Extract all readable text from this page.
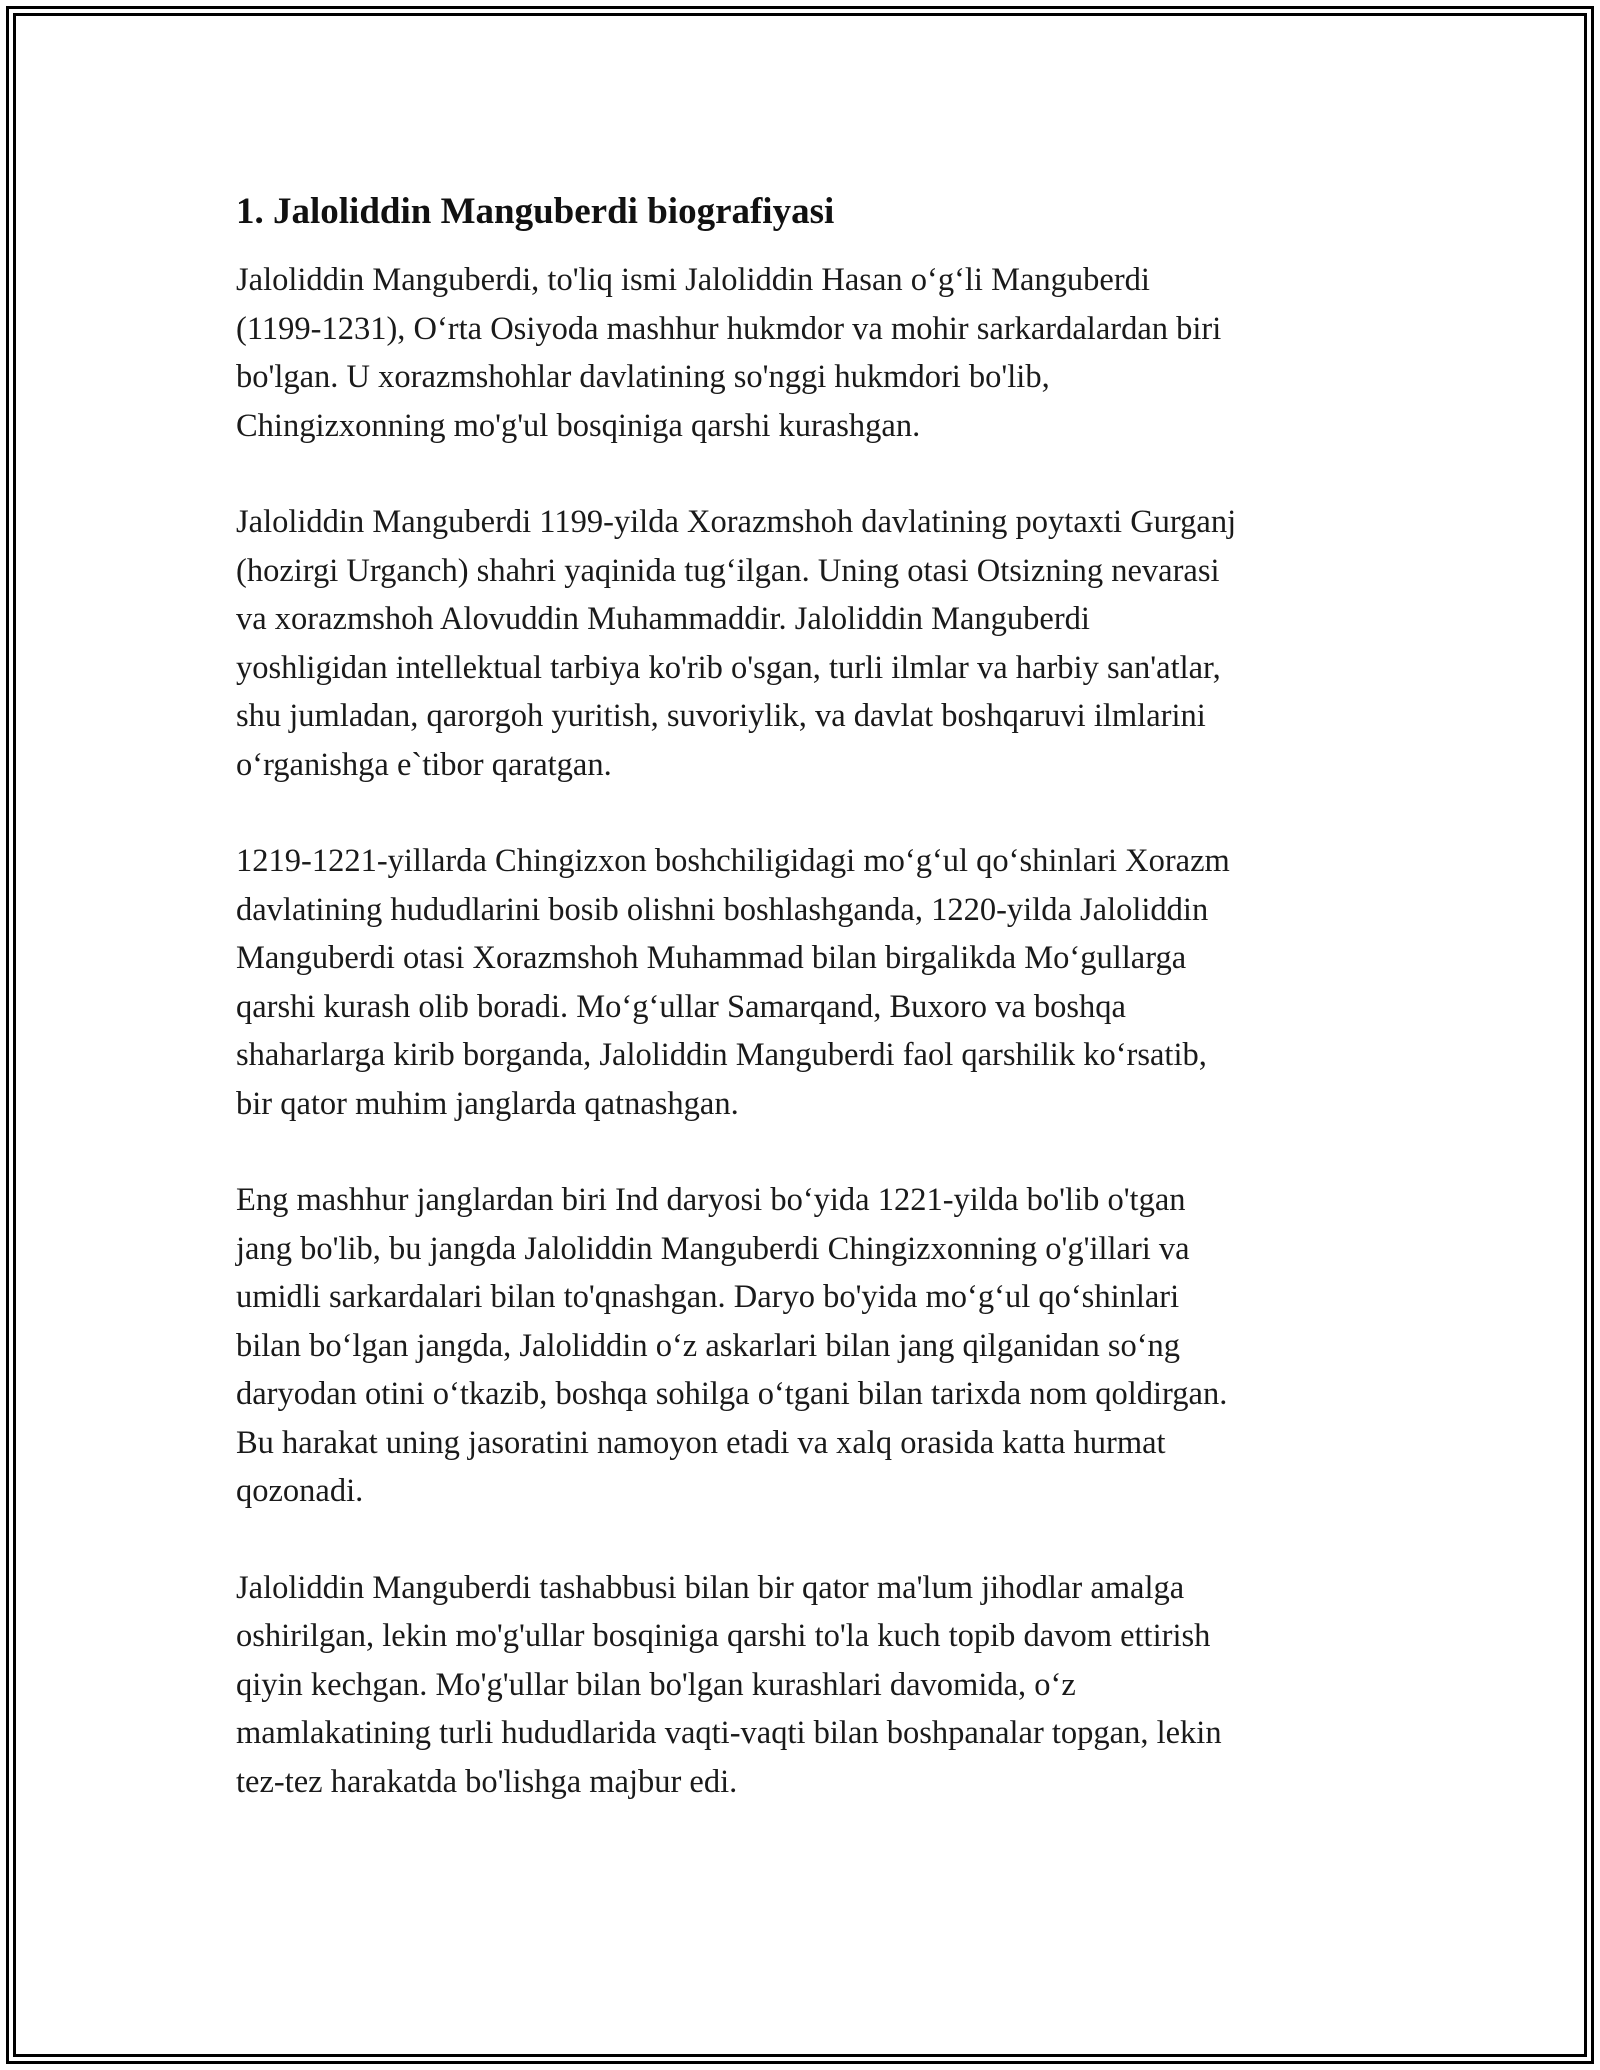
1. Jaloliddin Manguberdi biografiyasi

Jaloliddin Manguberdi, to'liq ismi Jaloliddin Hasan o‘g‘li Manguberdi
(1199-1231), O‘rta Osiyoda mashhur hukmdor va mohir sarkardalardan biri
bo'lgan. U xorazmshohlar davlatining so'nggi hukmdori bo'lib,
Chingizxonning mo'g'ul bosqiniga qarshi kurashgan.

Jaloliddin Manguberdi 1199-yilda Xorazmshoh davlatining poytaxti Gurganj
(hozirgi Urganch) shahri yaqinida tug‘ilgan. Uning otasi Otsizning nevarasi
va xorazmshoh Alovuddin Muhammaddir. Jaloliddin Manguberdi
yoshligidan intellektual tarbiya ko'rib o'sgan, turli ilmlar va harbiy san'atlar,
shu jumladan, qarorgoh yuritish, suvoriylik, va davlat boshqaruvi ilmlarini
o‘rganishga e`tibor qaratgan.

1219-1221-yillarda Chingizxon boshchiligidagi mo‘g‘ul qo‘shinlari Xorazm
davlatining hududlarini bosib olishni boshlashganda, 1220-yilda Jaloliddin
Manguberdi otasi Xorazmshoh Muhammad bilan birgalikda Mo‘gullarga
qarshi kurash olib boradi. Mo‘g‘ullar Samarqand, Buxoro va boshqa
shaharlarga kirib borganda, Jaloliddin Manguberdi faol qarshilik ko‘rsatib,
bir qator muhim janglarda qatnashgan.

Eng mashhur janglardan biri Ind daryosi bo‘yida 1221-yilda bo'lib o'tgan
jang bo'lib, bu jangda Jaloliddin Manguberdi Chingizxonning o'g'illari va
umidli sarkardalari bilan to'qnashgan. Daryo bo'yida mo‘g‘ul qo‘shinlari
bilan bo‘lgan jangda, Jaloliddin o‘z askarlari bilan jang qilganidan so‘ng
daryodan otini o‘tkazib, boshqa sohilga o‘tgani bilan tarixda nom qoldirgan.
Bu harakat uning jasoratini namoyon etadi va xalq orasida katta hurmat
qozonadi.

Jaloliddin Manguberdi tashabbusi bilan bir qator ma'lum jihodlar amalga
oshirilgan, lekin mo'g'ullar bosqiniga qarshi to'la kuch topib davom ettirish
qiyin kechgan. Mo'g'ullar bilan bo'lgan kurashlari davomida, o‘z
mamlakatining turli hududlarida vaqti-vaqti bilan boshpanalar topgan, lekin
tez-tez harakatda bo'lishga majbur edi.
